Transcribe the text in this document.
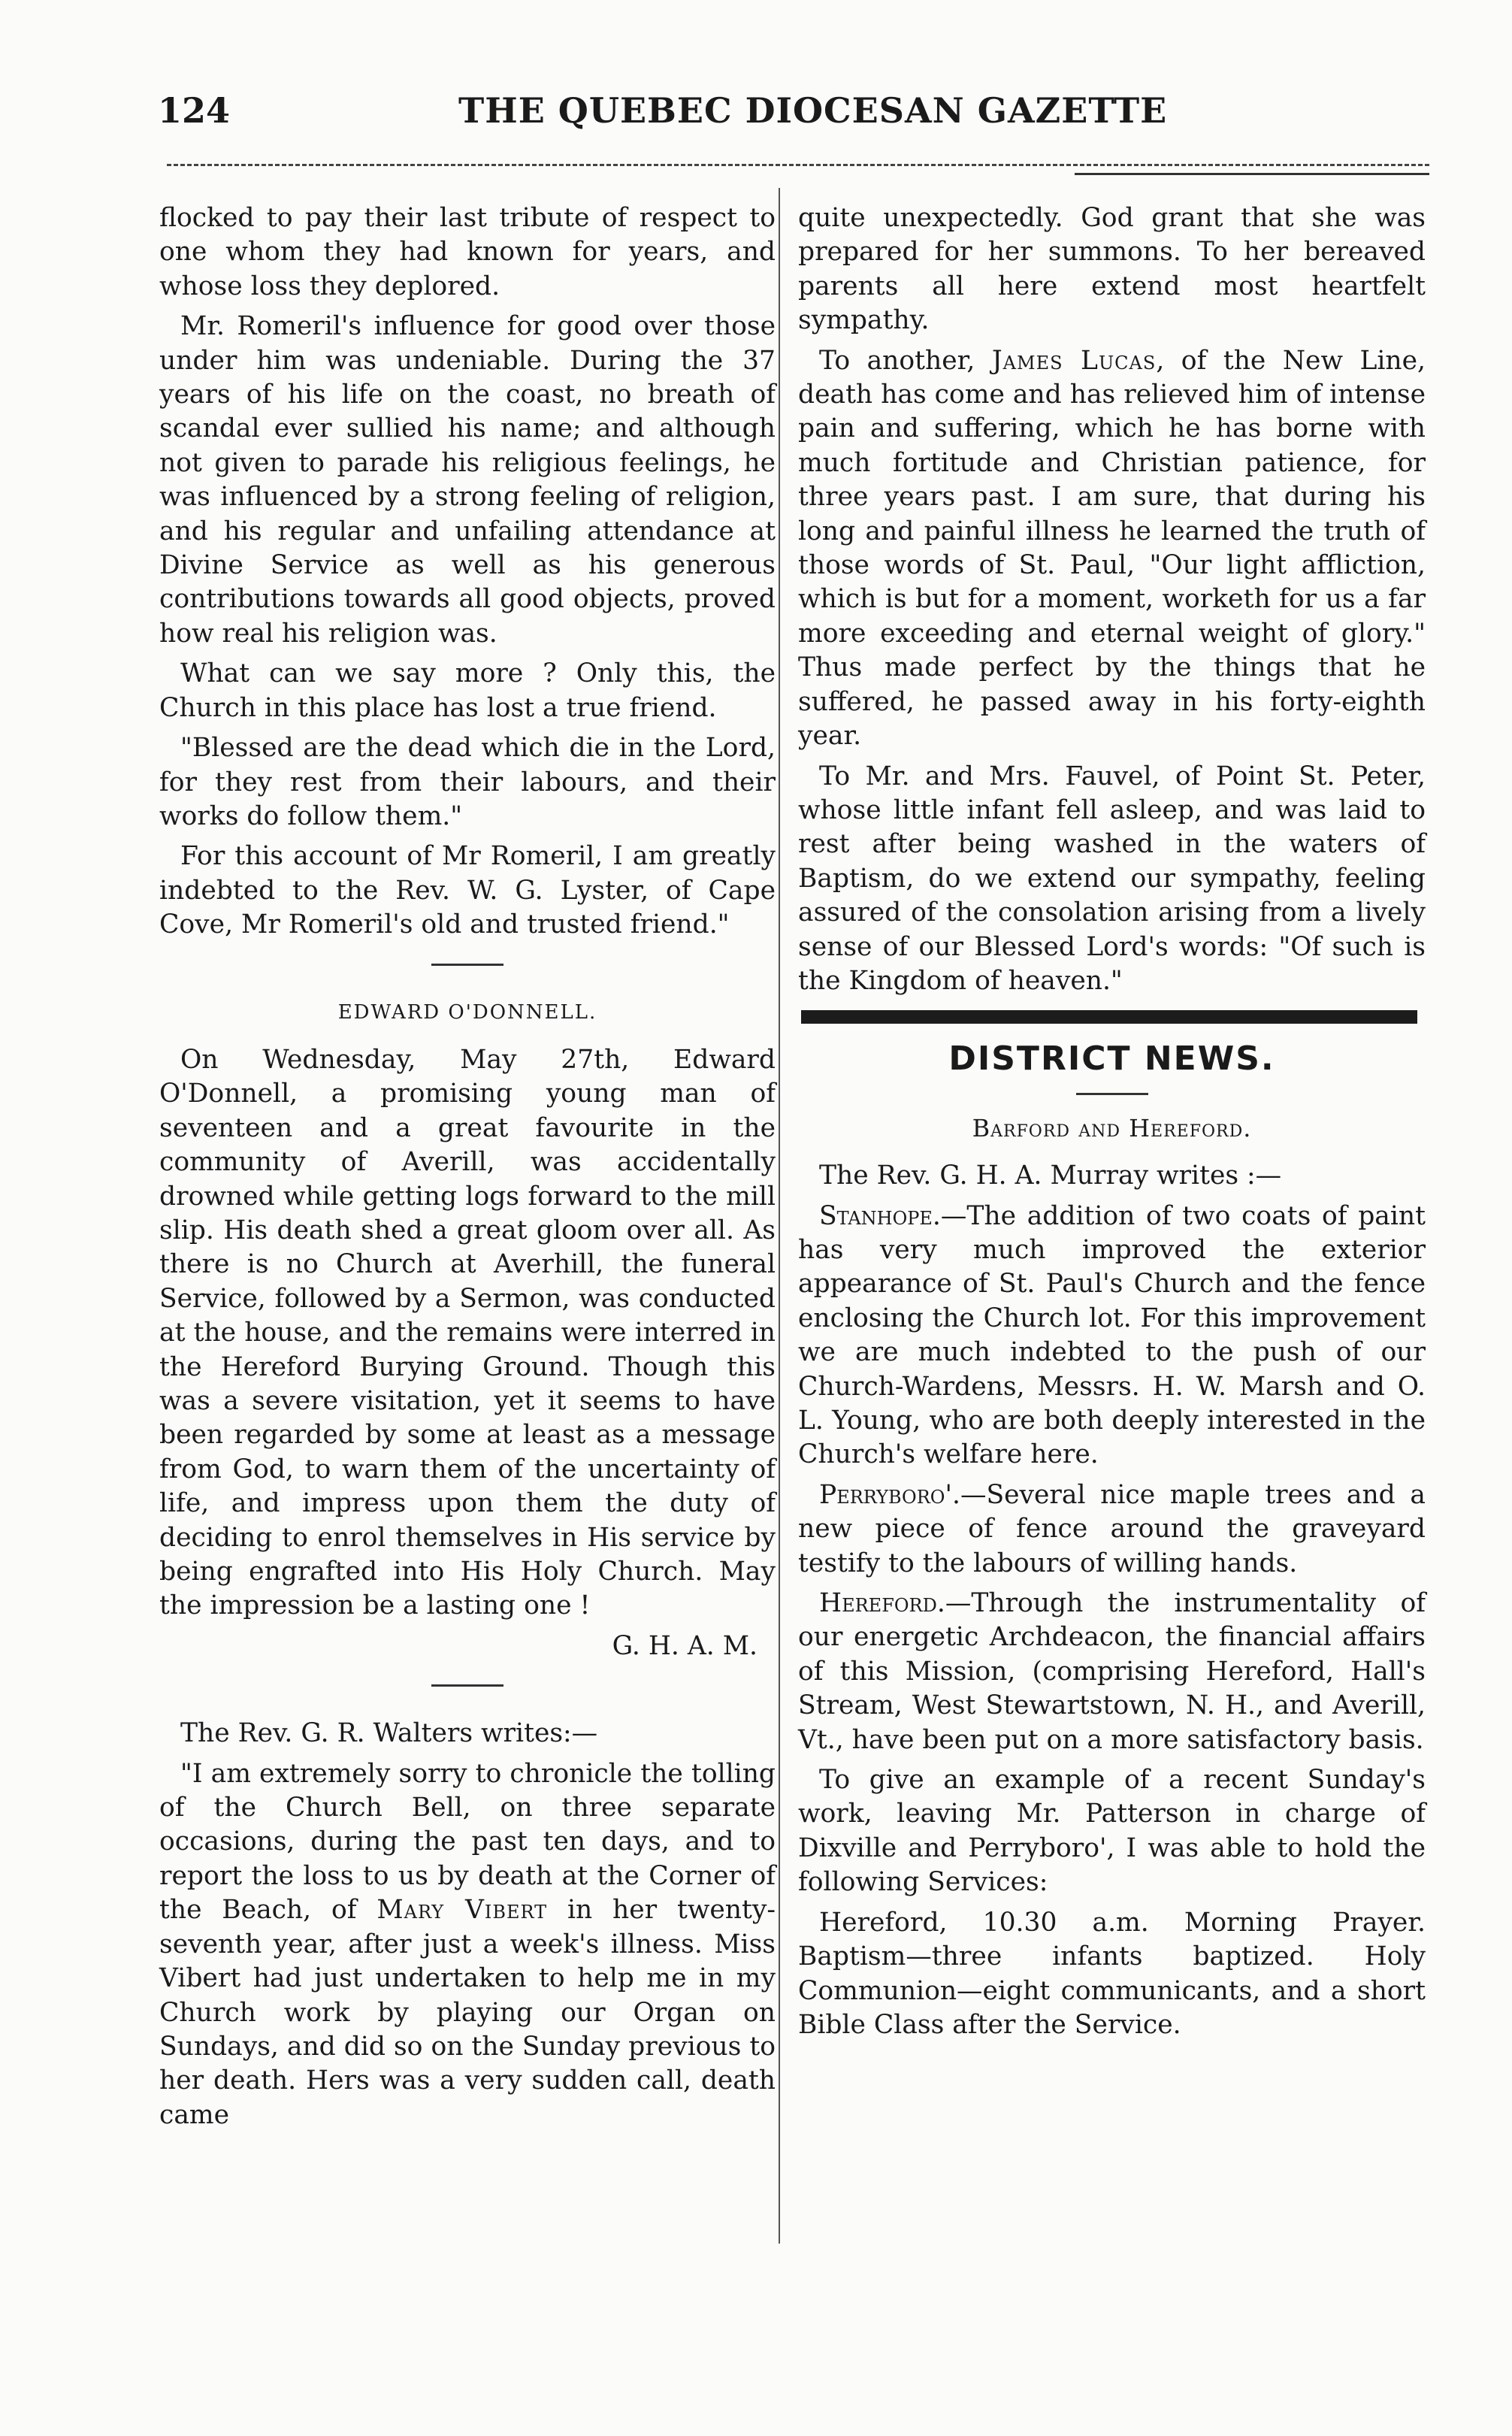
124	THE QUEBEC DIOCESAN GAZETTE

flocked to pay their last tribute of respect to one whom they had known for years, and whose loss they deplored.

Mr. Romeril's influence for good over those under him was undeniable. During the 37 years of his life on the coast, no breath of scandal ever sullied his name; and although not given to parade his religious feelings, he was influenced by a strong feeling of religion, and his regular and unfailing attendance at Divine Service as well as his generous contributions towards all good objects, proved how real his religion was.

What can we say more ? Only this, the Church in this place has lost a true friend.

"Blessed are the dead which die in the Lord, for they rest from their labours, and their works do follow them."

For this account of Mr Romeril, I am greatly indebted to the Rev. W. G. Lyster, of Cape Cove, Mr Romeril's old and trusted friend."

EDWARD O'DONNELL.

On Wednesday, May 27th, Edward O'Donnell, a promising young man of seventeen and a great favourite in the community of Averill, was accidentally drowned while getting logs forward to the mill slip. His death shed a great gloom over all. As there is no Church at Averhill, the funeral Service, followed by a Sermon, was conducted at the house, and the remains were interred in the Hereford Burying Ground. Though this was a severe visitation, yet it seems to have been regarded by some at least as a message from God, to warn them of the uncertainty of life, and impress upon them the duty of deciding to enrol themselves in His service by being engrafted into His Holy Church. May the impression be a lasting one !

G. H. A. M.

The Rev. G. R. Walters writes:—

"I am extremely sorry to chronicle the tolling of the Church Bell, on three separate occasions, during the past ten days, and to report the loss to us by death at the Corner of the Beach, of Mary Vibert in her twenty-seventh year, after just a week's illness. Miss Vibert had just undertaken to help me in my Church work by playing our Organ on Sundays, and did so on the Sunday previous to her death. Hers was a very sudden call, death came

quite unexpectedly. God grant that she was prepared for her summons. To her bereaved parents all here extend most heartfelt sympathy.

To another, James Lucas, of the New Line, death has come and has relieved him of intense pain and suffering, which he has borne with much fortitude and Christian patience, for three years past. I am sure, that during his long and painful illness he learned the truth of those words of St. Paul, "Our light affliction, which is but for a moment, worketh for us a far more exceeding and eternal weight of glory." Thus made perfect by the things that he suffered, he passed away in his forty-eighth year.

To Mr. and Mrs. Fauvel, of Point St. Peter, whose little infant fell asleep, and was laid to rest after being washed in the waters of Baptism, do we extend our sympathy, feeling assured of the consolation arising from a lively sense of our Blessed Lord's words: "Of such is the Kingdom of heaven."

DISTRICT NEWS.
Barford and Hereford.

The Rev. G. H. A. Murray writes :—

Stanhope.—The addition of two coats of paint has very much improved the exterior appearance of St. Paul's Church and the fence enclosing the Church lot. For this improvement we are much indebted to the push of our Church-Wardens, Messrs. H. W. Marsh and O. L. Young, who are both deeply interested in the Church's welfare here.

Perryboro'.—Several nice maple trees and a new piece of fence around the graveyard testify to the labours of willing hands.

Hereford.—Through the instrumentality of our energetic Archdeacon, the financial affairs of this Mission, (comprising Hereford, Hall's Stream, West Stewartstown, N. H., and Averill, Vt., have been put on a more satisfactory basis.

To give an example of a recent Sunday's work, leaving Mr. Patterson in charge of Dixville and Perryboro', I was able to hold the following Services:

Hereford, 10.30 a.m. Morning Prayer. Baptism—three infants baptized. Holy Communion—eight communicants, and a short Bible Class after the Service.
